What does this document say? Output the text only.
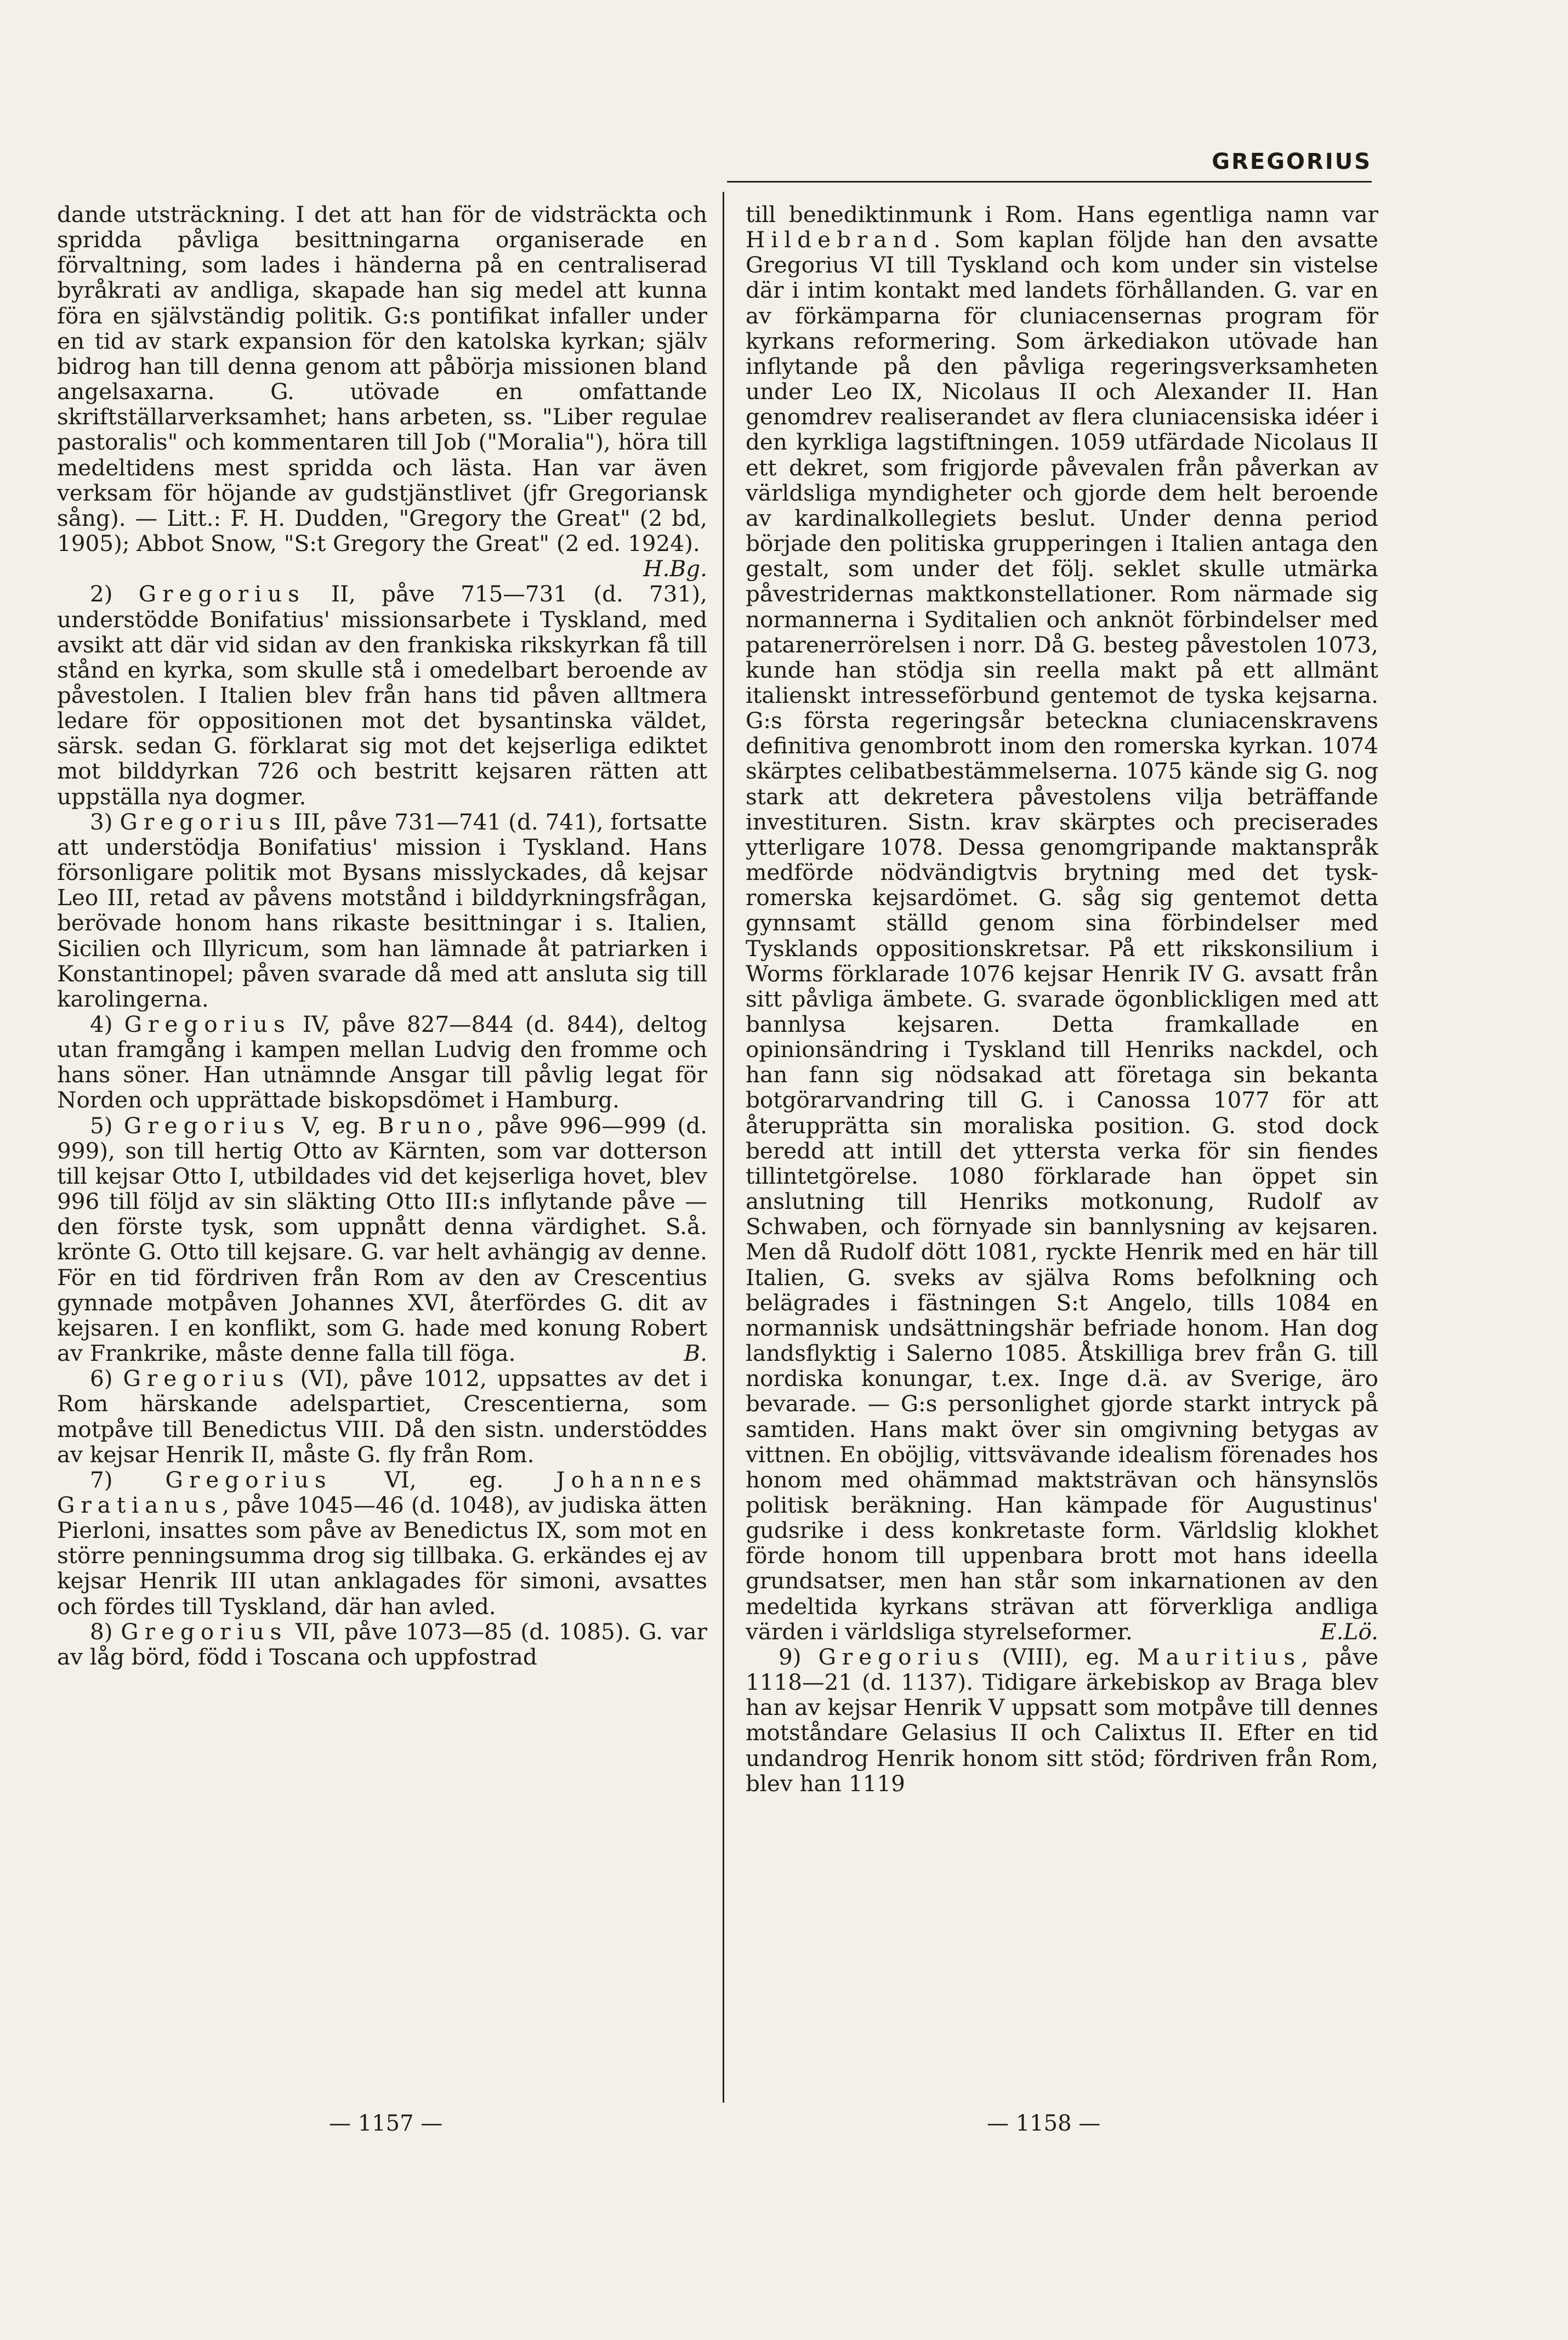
GREGORIUS

dande utsträckning. I det att han för de vidsträckta och spridda påvliga besittningarna organiserade en förvaltning, som lades i händerna på en centraliserad byråkrati av andliga, skapade han sig medel att kunna föra en självständig politik. G:s pontifikat infaller under en tid av stark expansion för den katolska kyrkan; själv bidrog han till denna genom att påbörja missionen bland angelsaxarna. G. utövade en omfattande skriftställarverksamhet; hans arbeten, ss. "Liber regulae pastoralis" och kommentaren till Job ("Moralia"), höra till medeltidens mest spridda och lästa. Han var även verksam för höjande av gudstjänstlivet (jfr Gregoriansk sång). — Litt.: F. H. Dudden, "Gregory the Great" (2 bd, 1905); Abbot Snow, "S:t Gregory the Great" (2 ed. 1924).
H.Bg.

2) Gregorius II, påve 715—731 (d. 731), understödde Bonifatius' missionsarbete i Tyskland, med avsikt att där vid sidan av den frankiska rikskyrkan få till stånd en kyrka, som skulle stå i omedelbart beroende av påvestolen. I Italien blev från hans tid påven alltmera ledare för oppositionen mot det bysantinska väldet, särsk. sedan G. förklarat sig mot det kejserliga ediktet mot bilddyrkan 726 och bestritt kejsaren rätten att uppställa nya dogmer.

3) Gregorius III, påve 731—741 (d. 741), fortsatte att understödja Bonifatius' mission i Tyskland. Hans försonligare politik mot Bysans misslyckades, då kejsar Leo III, retad av påvens motstånd i bilddyrkningsfrågan, berövade honom hans rikaste besittningar i s. Italien, Sicilien och Illyricum, som han lämnade åt patriarken i Konstantinopel; påven svarade då med att ansluta sig till karolingerna.

4) Gregorius IV, påve 827—844 (d. 844), deltog utan framgång i kampen mellan Ludvig den fromme och hans söner. Han utnämnde Ansgar till påvlig legat för Norden och upprättade biskopsdömet i Hamburg.

5) Gregorius V, eg. Bruno, påve 996—999 (d. 999), son till hertig Otto av Kärnten, som var dotterson till kejsar Otto I, utbildades vid det kejserliga hovet, blev 996 till följd av sin släkting Otto III:s inflytande påve — den förste tysk, som uppnått denna värdighet. S.å. krönte G. Otto till kejsare. G. var helt avhängig av denne. För en tid fördriven från Rom av den av Crescentius gynnade motpåven Johannes XVI, återfördes G. dit av kejsaren. I en konflikt, som G. hade med konung Robert av Frankrike, måste denne falla till föga.	B.

6) Gregorius (VI), påve 1012, uppsattes av det i Rom härskande adelspartiet, Crescentierna, som motpåve till Benedictus VIII. Då den sistn. understöddes av kejsar Henrik II, måste G. fly från Rom.

7) Gregorius VI, eg. Johannes Gratianus, påve 1045—46 (d. 1048), av judiska ätten Pierloni, insattes som påve av Benedictus IX, som mot en större penningsumma drog sig tillbaka. G. erkändes ej av kejsar Henrik III utan anklagades för simoni, avsattes och fördes till Tyskland, där han avled.

8) Gregorius VII, påve 1073—85 (d. 1085). G. var av låg börd, född i Toscana och uppfostrad

till benediktinmunk i Rom. Hans egentliga namn var Hildebrand. Som kaplan följde han den avsatte Gregorius VI till Tyskland och kom under sin vistelse där i intim kontakt med landets förhållanden. G. var en av förkämparna för cluniacensernas program för kyrkans reformering. Som ärkediakon utövade han inflytande på den påvliga regeringsverksamheten under Leo IX, Nicolaus II och Alexander II. Han genomdrev realiserandet av flera cluniacensiska idéer i den kyrkliga lagstiftningen. 1059 utfärdade Nicolaus II ett dekret, som frigjorde påvevalen från påverkan av världsliga myndigheter och gjorde dem helt beroende av kardinalkollegiets beslut. Under denna period började den politiska grupperingen i Italien antaga den gestalt, som under det följ. seklet skulle utmärka påvestridernas maktkonstellationer. Rom närmade sig normannerna i Syditalien och anknöt förbindelser med patarenerrörelsen i norr. Då G. besteg påvestolen 1073, kunde han stödja sin reella makt på ett allmänt italienskt intresseförbund gentemot de tyska kejsarna. G:s första regeringsår beteckna cluniacenskravens definitiva genombrott inom den romerska kyrkan. 1074 skärptes celibatbestämmelserna. 1075 kände sig G. nog stark att dekretera påvestolens vilja beträffande investituren. Sistn. krav skärptes och preciserades ytterligare 1078. Dessa genomgripande maktanspråk medförde nödvändigtvis brytning med det tysk-romerska kejsardömet. G. såg sig gentemot detta gynnsamt ställd genom sina förbindelser med Tysklands oppositionskretsar. På ett rikskonsilium i Worms förklarade 1076 kejsar Henrik IV G. avsatt från sitt påvliga ämbete. G. svarade ögonblickligen med att bannlysa kejsaren. Detta framkallade en opinionsändring i Tyskland till Henriks nackdel, och han fann sig nödsakad att företaga sin bekanta botgörarvandring till G. i Canossa 1077 för att återupprätta sin moraliska position. G. stod dock beredd att intill det yttersta verka för sin fiendes tillintetgörelse. 1080 förklarade han öppet sin anslutning till Henriks motkonung, Rudolf av Schwaben, och förnyade sin bannlysning av kejsaren. Men då Rudolf dött 1081, ryckte Henrik med en här till Italien, G. sveks av själva Roms befolkning och belägrades i fästningen S:t Angelo, tills 1084 en normannisk undsättningshär befriade honom. Han dog landsflyktig i Salerno 1085. Åtskilliga brev från G. till nordiska konungar, t.ex. Inge d.ä. av Sverige, äro bevarade. — G:s personlighet gjorde starkt intryck på samtiden. Hans makt över sin omgivning betygas av vittnen. En oböjlig, vittsvävande idealism förenades hos honom med ohämmad maktsträvan och hänsynslös politisk beräkning. Han kämpade för Augustinus' gudsrike i dess konkretaste form. Världslig klokhet förde honom till uppenbara brott mot hans ideella grundsatser, men han står som inkarnationen av den medeltida kyrkans strävan att förverkliga andliga värden i världsliga styrelseformer.	E.Lö.

9) Gregorius (VIII), eg. Mauritius, påve 1118—21 (d. 1137). Tidigare ärkebiskop av Braga blev han av kejsar Henrik V uppsatt som motpåve till dennes motståndare Gelasius II och Calixtus II. Efter en tid undandrog Henrik honom sitt stöd; fördriven från Rom, blev han 1119

— 1157 —	— 1158 —
